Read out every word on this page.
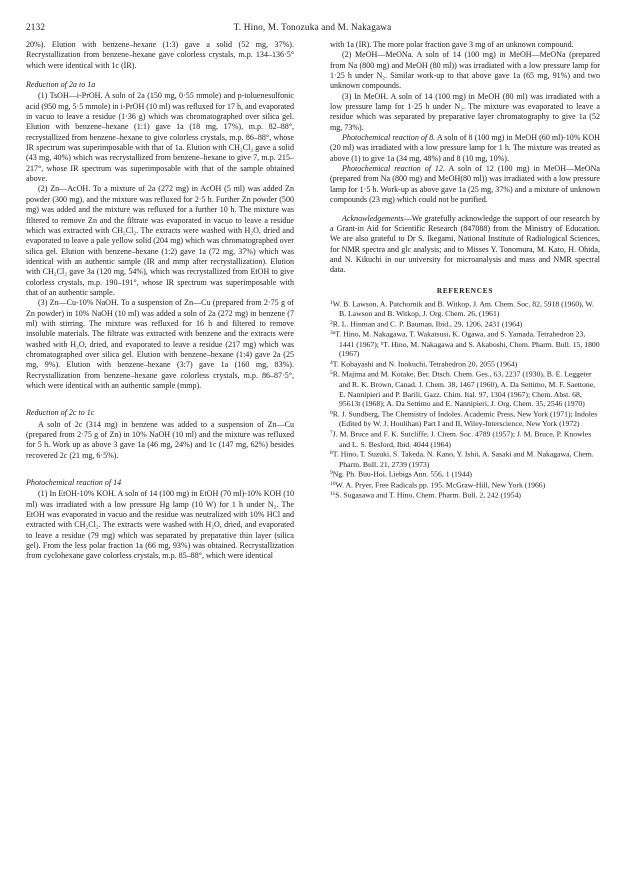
2132	T. Hino, M. Tonozuka and M. Nakagawa

20%). Elution with benzene–hexane (1:3) gave a solid (52 mg, 37%). Recrystallization from benzene–hexane gave colorless crystals, m.p. 134–136·5° which were identical with 1c (IR).

Reduction of 2a to 1a

(1) TsOH—i-PrOH. A soln of 2a (150 mg, 0·55 mmole) and p-toluenesulfonic acid (950 mg, 5·5 mmole) in i-PrOH (10 ml) was refluxed for 17 h, and evaporated in vacuo to leave a residue (1·36 g) which was chromatographed over silica gel. Elution with benzene–hexane (1:1) gave 1a (18 mg, 17%), m.p. 82–88°, recrystallized from benzene–hexane to give colorless crystals, m.p. 86–88°, whose IR spectrum was superimposable with that of 1a. Elution with CH₂Cl₂ gave a solid (43 mg, 40%) which was recrystallized from benzene–hexane to give 7, m.p. 215–217°, whose IR spectrum was superimposable with that of the sample obtained above.

(2) Zn—AcOH. To a mixture of 2a (272 mg) in AcOH (5 ml) was added Zn powder (300 mg), and the mixture was refluxed for 2·5 h. Further Zn powder (500 mg) was added and the mixture was refluxed for a further 10 h. The mixture was filtered to remove Zn and the filtrate was evaporated in vacuo to leave a residue which was extracted with CH₂Cl₂. The extracts were washed with H₂O, dried and evaporated to leave a pale yellow solid (204 mg) which was chromatographed over silica gel. Elution with benzene–hexane (1:2) gave 1a (72 mg, 37%) which was identical with an authentic sample (IR and mmp after recrystallization). Elution with CH₂Cl₂ gave 3a (120 mg, 54%), which was recrystallized from EtOH to give colorless crystals, m.p. 190–191°, whose IR spectrum was superimposable with that of an authentic sample.

(3) Zn—Cu-10% NaOH. To a suspension of Zn—Cu (prepared from 2·75 g of Zn powder) in 10% NaOH (10 ml) was added a soln of 2a (272 mg) in benzene (7 ml) with stirring. The mixture was refluxed for 16 h and filtered to remove insoluble materials. The filtrate was extracted with benzene and the extracts were washed with H₂O, dried, and evaporated to leave a residue (217 mg) which was chromatographed over silica gel. Elution with benzene–hexane (1:4) gave 2a (25 mg, 9%). Elution with benzene–hexane (3:7) gave 1a (160 mg, 83%). Recrystallization from benzene–hexane gave colorless crystals, m.p. 86–87·5°, which were identical with an authentic sample (mmp).

Reduction of 2c to 1c

A soln of 2c (314 mg) in benzene was added to a suspension of Zn—Cu (prepared from 2·75 g of Zn) in 10% NaOH (10 ml) and the mixture was refluxed for 5 h. Work up as above 3 gave 1a (46 mg, 24%) and 1c (147 mg, 62%) besides recovered 2c (21 mg, 6·5%).

Photochemical reaction of 14

(1) In EtOH-10% KOH. A soln of 14 (100 mg) in EtOH (70 ml)-10% KOH (10 ml) was irradiated with a low pressure Hg lamp (10 W) for 1 h under N₂. The EtOH was evaporated in vacuo and the residue was neutralized with 10% HCl and extracted with CH₂Cl₂. The extracts were washed with H₂O, dried, and evaporated to leave a residue (79 mg) which was separated by preparative thin layer (silica gel). From the less polar fraction 1a (66 mg, 93%) was obtained. Recrystallization from cyclohexane gave colorless crystals, m.p. 85–88°, which were identical

with 1a (IR). The more polar fraction gave 3 mg of an unknown compound.

(2) MeOH—MeONa. A soln of 14 (100 mg) in MeOH—MeONa (prepared from Na (800 mg) and MeOH (80 ml)) was irradiated with a low pressure lamp for 1·25 h under N₂. Similar work-up to that above gave 1a (65 mg, 91%) and two unknown compounds.

(3) In MeOH. A soln of 14 (100 mg) in MeOH (80 ml) was irradiated with a low pressure lamp for 1·25 h under N₂. The mixture was evaporated to leave a residue which was separated by preparative layer chromatography to give 1a (52 mg, 73%).

Photochemical reaction of 8. A soln of 8 (100 mg) in MeOH (60 ml)-10% KOH (20 ml) was irradiated with a low pressure lamp for 1 h. The mixture was treated as above (1) to give 1a (34 mg, 48%) and 8 (10 mg, 10%).

Photochemical reaction of 12. A soln of 12 (100 mg) in MeOH—MeONa (prepared from Na (800 mg) and MeOH(80 ml)) was irradiated with a low pressure lamp for 1·5 h. Work-up as above gave 1a (25 mg, 37%) and a mixture of unknown compounds (23 mg) which could not be purified.

Acknowledgements—We gratefully acknowledge the support of our research by a Grant-in Aid for Scientific Research (847088) from the Ministry of Education. We are also grateful to Dr S. Ikegami, National Institute of Radiological Sciences, for NMR spectra and glc analysis; and to Misses Y. Tonomura, M. Kato, H. Ohida, and N. Kikuchi in our university for microanalysis and mass and NMR spectral data.

REFERENCES

$^1$W. B. Lawson, A. Patchornik and B. Witkop, J. Am. Chem. Soc. 82, 5918 (1960), W. B. Lawson and B. Witkop, J. Org. Chem. 26, (1961)

$^2$R. L. Hinman and C. P. Bauman, Ibid., 29, 1206, 2431 (1964)

$^{3a}$T. Hino, M. Nakagawa, T. Wakatsusi, K. Ogawa, and S. Yamada, Tetrahedron 23, 1441 (1967); ᵇT. Hino, M. Nakagawa and S. Akaboshi, Chem. Pharm. Bull. 15, 1800 (1967)

$^4$T. Kobayashi and N. Inokuchi, Tetrahedron 20, 2055 (1964)

$^5$R. Majima and M. Kotake, Ber. Dtsch. Chem. Ges., 63, 2237 (1930), B. E. Leggeter and R. K. Brown, Canad. J. Chem. 38, 1467 (1960), A. Da Settimo, M. F. Saettone, E. Nannipieri and P. Barili, Gazz. Chim. Ital. 97, 1304 (1967); Chem. Abst. 68, 95613t (1968); A. Da Settimo and E. Nannipieri, J. Org. Chem. 35, 2546 (1970)

$^6$R. J. Sundberg, The Chemistry of Indoles. Academic Press, New York (1971); Indoles (Edited by W. J. Houlihan) Part I and II, Wiley-Interscience, New York (1972)

$^7$J. M. Bruce and F. K. Sutcliffe, J. Chem. Soc. 4789 (1957); J. M. Bruce, P. Knowles and L. S. Besford, Ibid. 4044 (1964)

$^8$T. Hino, T. Suzuki, S. Takeda, N. Kano, Y. Ishii, A. Sasaki and M. Nakagawa, Chem. Pharm. Bull. 21, 2739 (1973)

$^9$Ng. Ph. Buu-Hoi, Liebigs Ann. 556, 1 (1944)

$^{10}$W. A. Pryer, Free Radicals pp. 195. McGraw-Hill, New York (1966)

$^{11}$S. Sugasawa and T. Hino, Chem. Pharm. Bull. 2, 242 (1954)
